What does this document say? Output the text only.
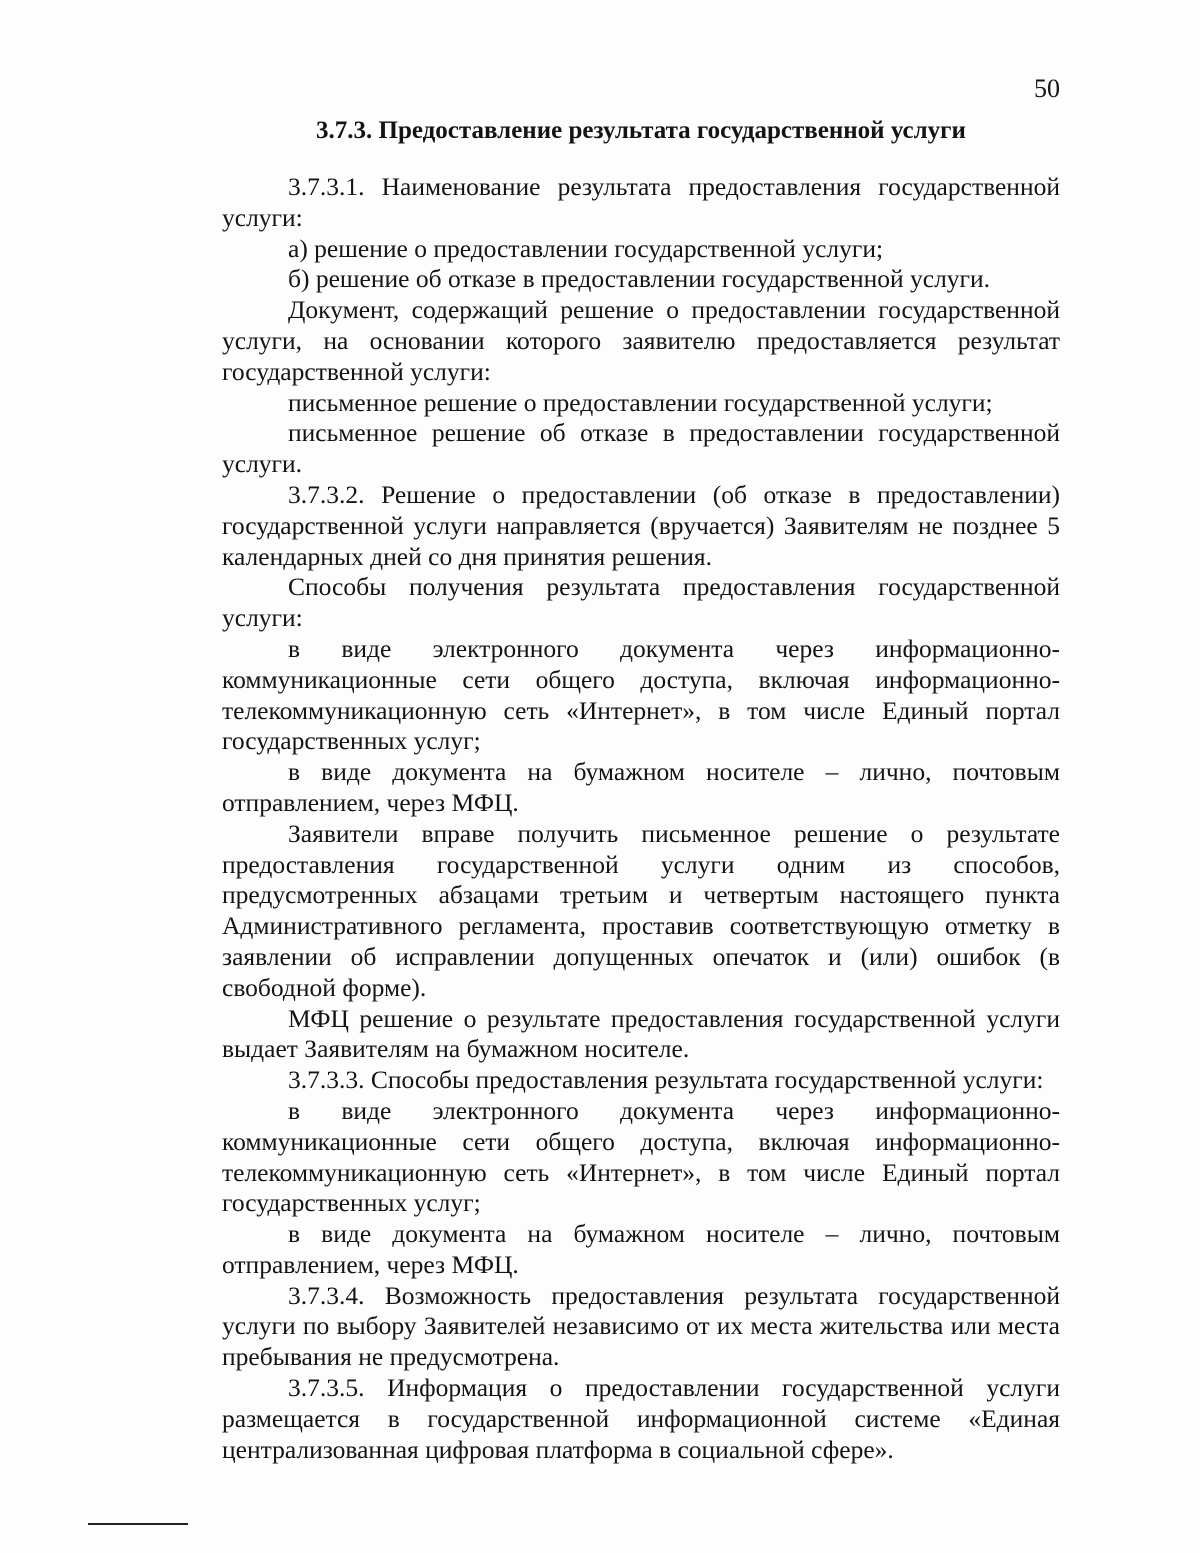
50
3.7.3. Предоставление результата государственной услуги

3.7.3.1. Наименование результата предоставления государственной услуги:

а) решение о предоставлении государственной услуги;

б) решение об отказе в предоставлении государственной услуги.

Документ, содержащий решение о предоставлении государственной услуги, на основании которого заявителю предоставляется результат государственной услуги:

письменное решение о предоставлении государственной услуги;

письменное решение об отказе в предоставлении государственной услуги.

3.7.3.2. Решение о предоставлении (об отказе в предоставлении) государственной услуги направляется (вручается) Заявителям не позднее 5 календарных дней со дня принятия решения.

Способы получения результата предоставления государственной услуги:

в виде электронного документа через информационно-коммуникационные сети общего доступа, включая информационно-телекоммуникационную сеть «Интернет», в том числе Единый портал государственных услуг;

в виде документа на бумажном носителе – лично, почтовым отправлением, через МФЦ.

Заявители вправе получить письменное решение о результате предоставления государственной услуги одним из способов, предусмотренных абзацами третьим и четвертым настоящего пункта Административного регламента, проставив соответствующую отметку в заявлении об исправлении допущенных опечаток и (или) ошибок (в свободной форме).

МФЦ решение о результате предоставления государственной услуги выдает Заявителям на бумажном носителе.

3.7.3.3. Способы предоставления результата государственной услуги:

в виде электронного документа через информационно-коммуникационные сети общего доступа, включая информационно-телекоммуникационную сеть «Интернет», в том числе Единый портал государственных услуг;

в виде документа на бумажном носителе – лично, почтовым отправлением, через МФЦ.

3.7.3.4. Возможность предоставления результата государственной услуги по выбору Заявителей независимо от их места жительства или места пребывания не предусмотрена.

3.7.3.5. Информация о предоставлении государственной услуги размещается в государственной информационной системе «Единая централизованная цифровая платформа в социальной сфере».
